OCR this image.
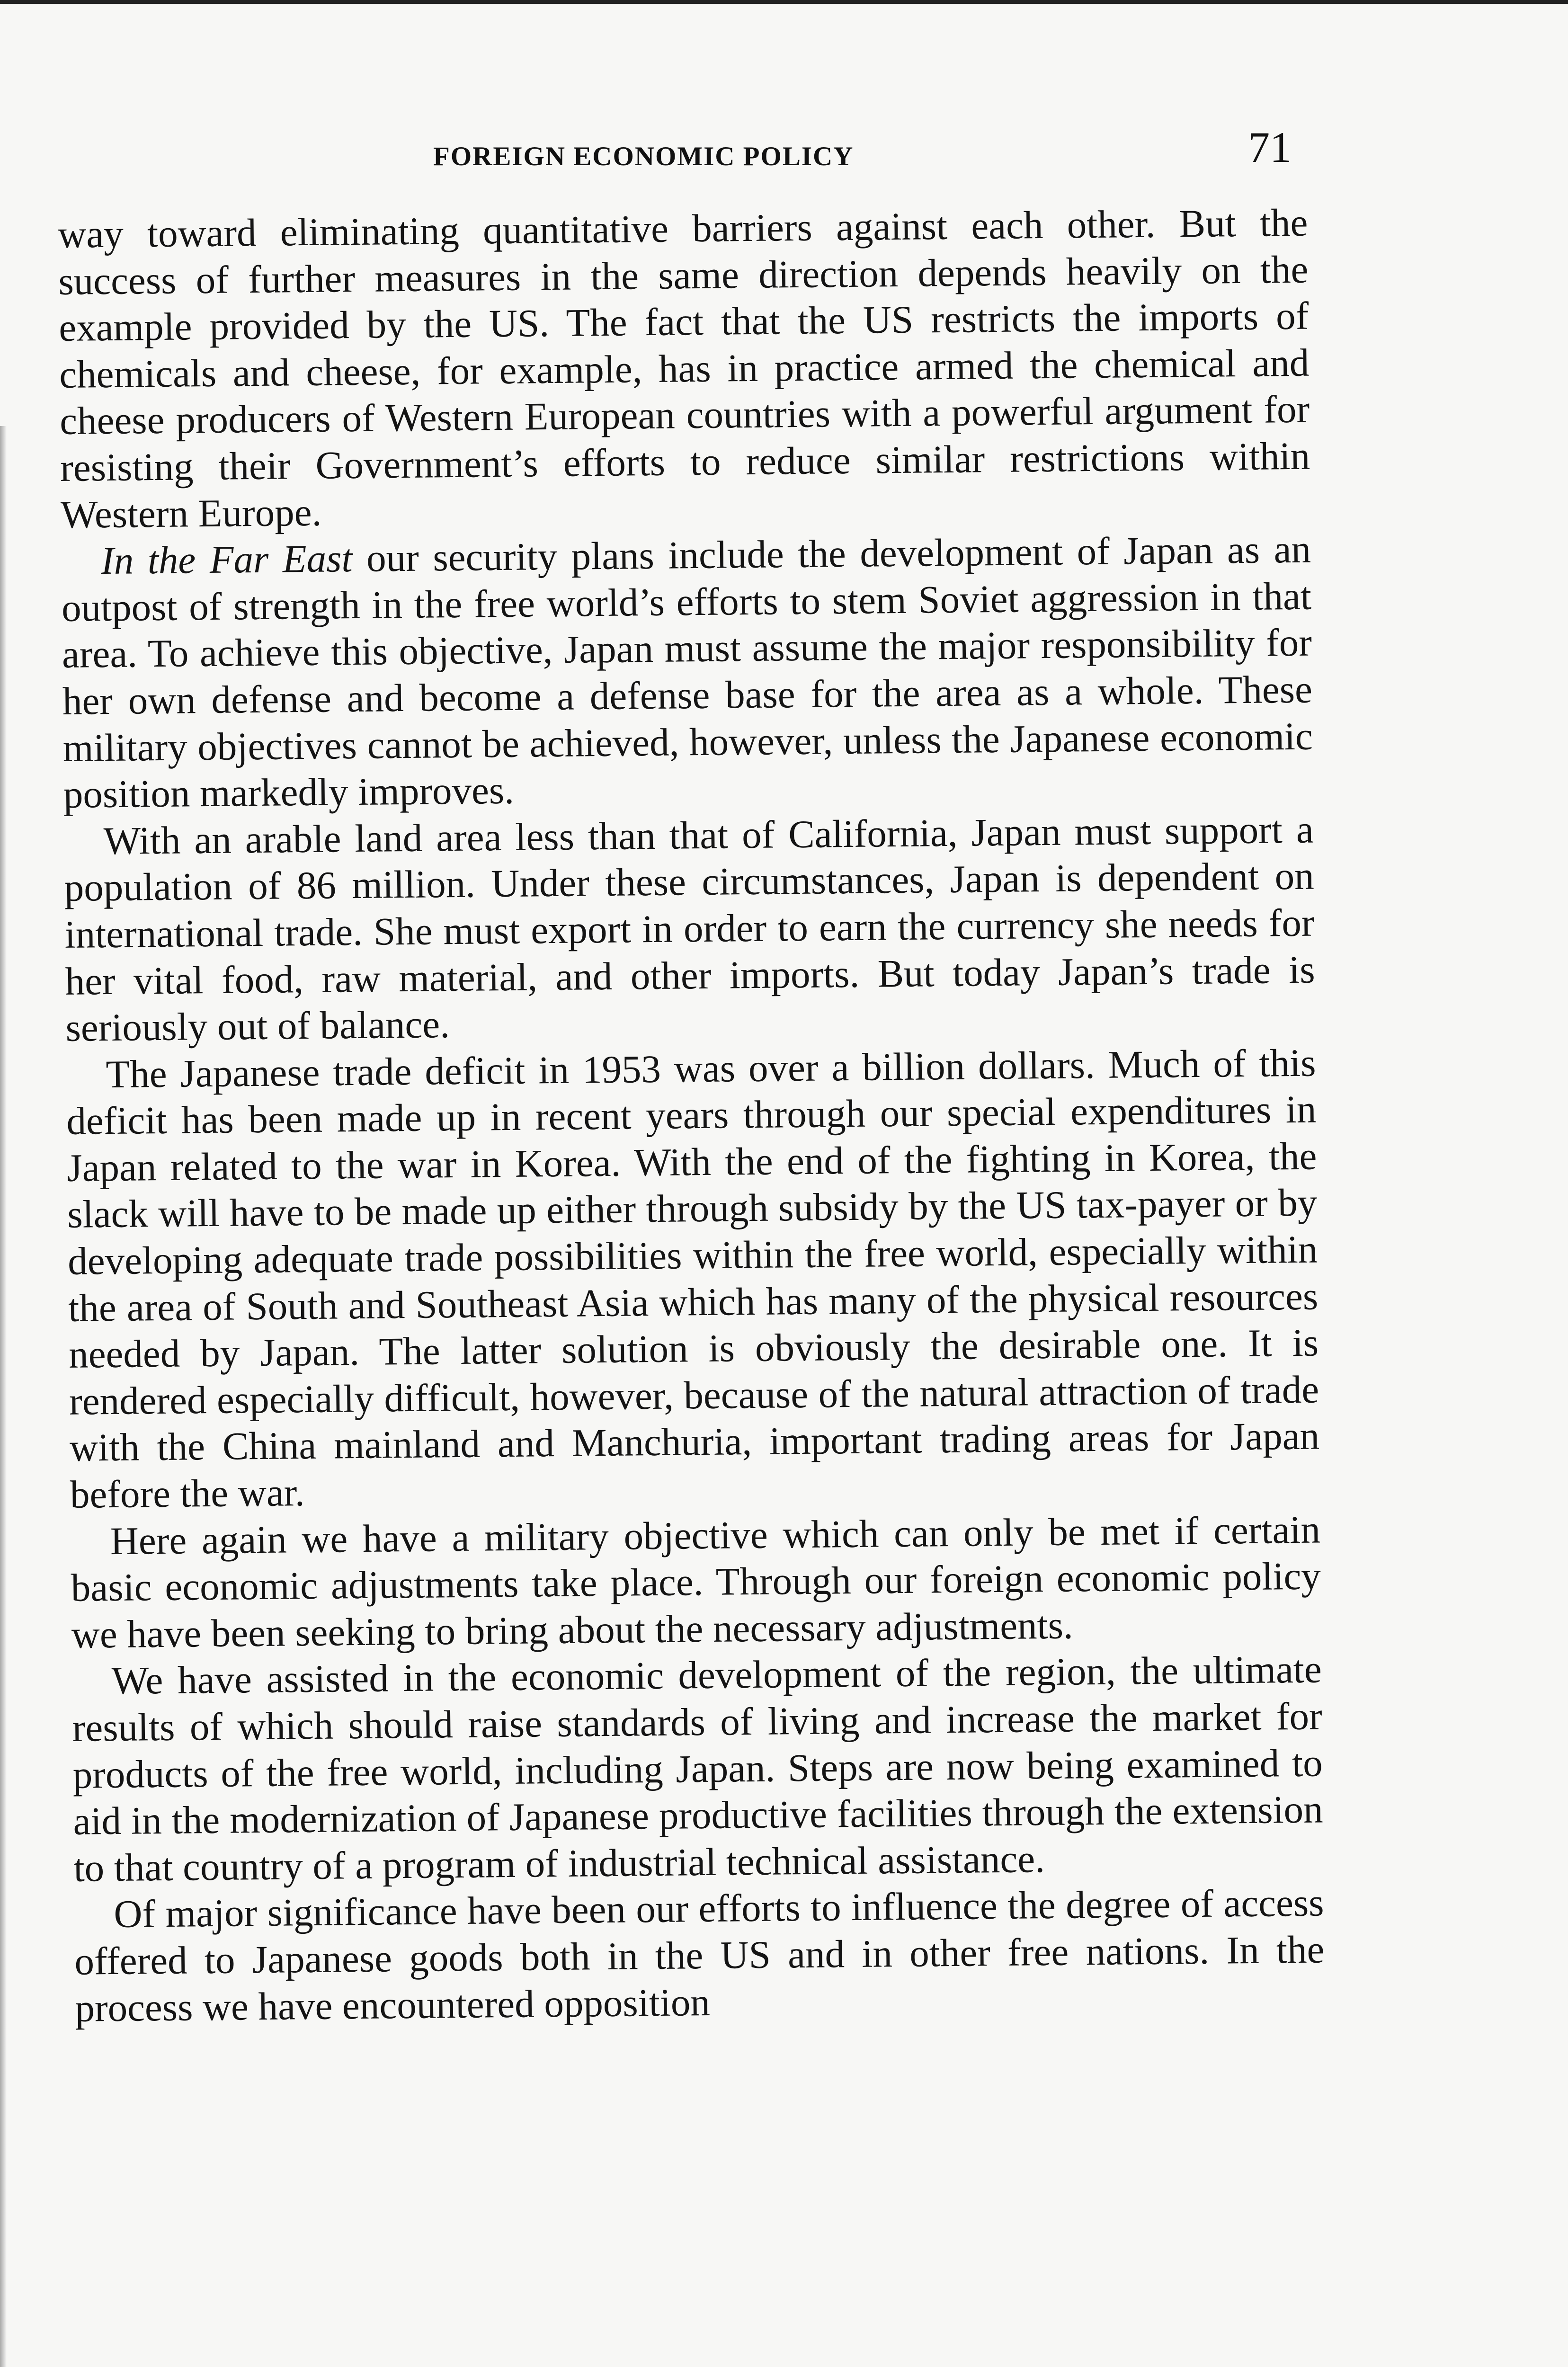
FOREIGN ECONOMIC POLICY	71

way toward eliminating quantitative barriers against each other. But the success of further measures in the same direction depends heavily on the example provided by the US. The fact that the US restricts the imports of chemicals and cheese, for example, has in practice armed the chemical and cheese producers of Western European countries with a powerful argument for resisting their Government’s efforts to reduce similar restrictions within Western Europe.

In the Far East our security plans include the development of Japan as an outpost of strength in the free world’s efforts to stem Soviet aggression in that area. To achieve this objective, Japan must assume the major responsibility for her own defense and become a defense base for the area as a whole. These military objectives cannot be achieved, however, unless the Japanese economic position markedly improves.

With an arable land area less than that of California, Japan must support a population of 86 million. Under these circumstances, Japan is dependent on international trade. She must export in order to earn the currency she needs for her vital food, raw material, and other imports. But today Japan’s trade is seriously out of balance.

The Japanese trade deficit in 1953 was over a billion dollars. Much of this deficit has been made up in recent years through our special expenditures in Japan related to the war in Korea. With the end of the fighting in Korea, the slack will have to be made up either through subsidy by the US tax-payer or by developing adequate trade possibilities within the free world, especially within the area of South and Southeast Asia which has many of the physical resources needed by Japan. The latter solution is obviously the desirable one. It is rendered especially difficult, however, because of the natural attraction of trade with the China mainland and Manchuria, important trading areas for Japan before the war.

Here again we have a military objective which can only be met if certain basic economic adjustments take place. Through our foreign economic policy we have been seeking to bring about the necessary adjustments.

We have assisted in the economic development of the region, the ultimate results of which should raise standards of living and increase the market for products of the free world, including Japan. Steps are now being examined to aid in the modernization of Japanese productive facilities through the extension to that country of a program of industrial technical assistance.

Of major significance have been our efforts to influence the degree of access offered to Japanese goods both in the US and in other free nations. In the process we have encountered opposition
